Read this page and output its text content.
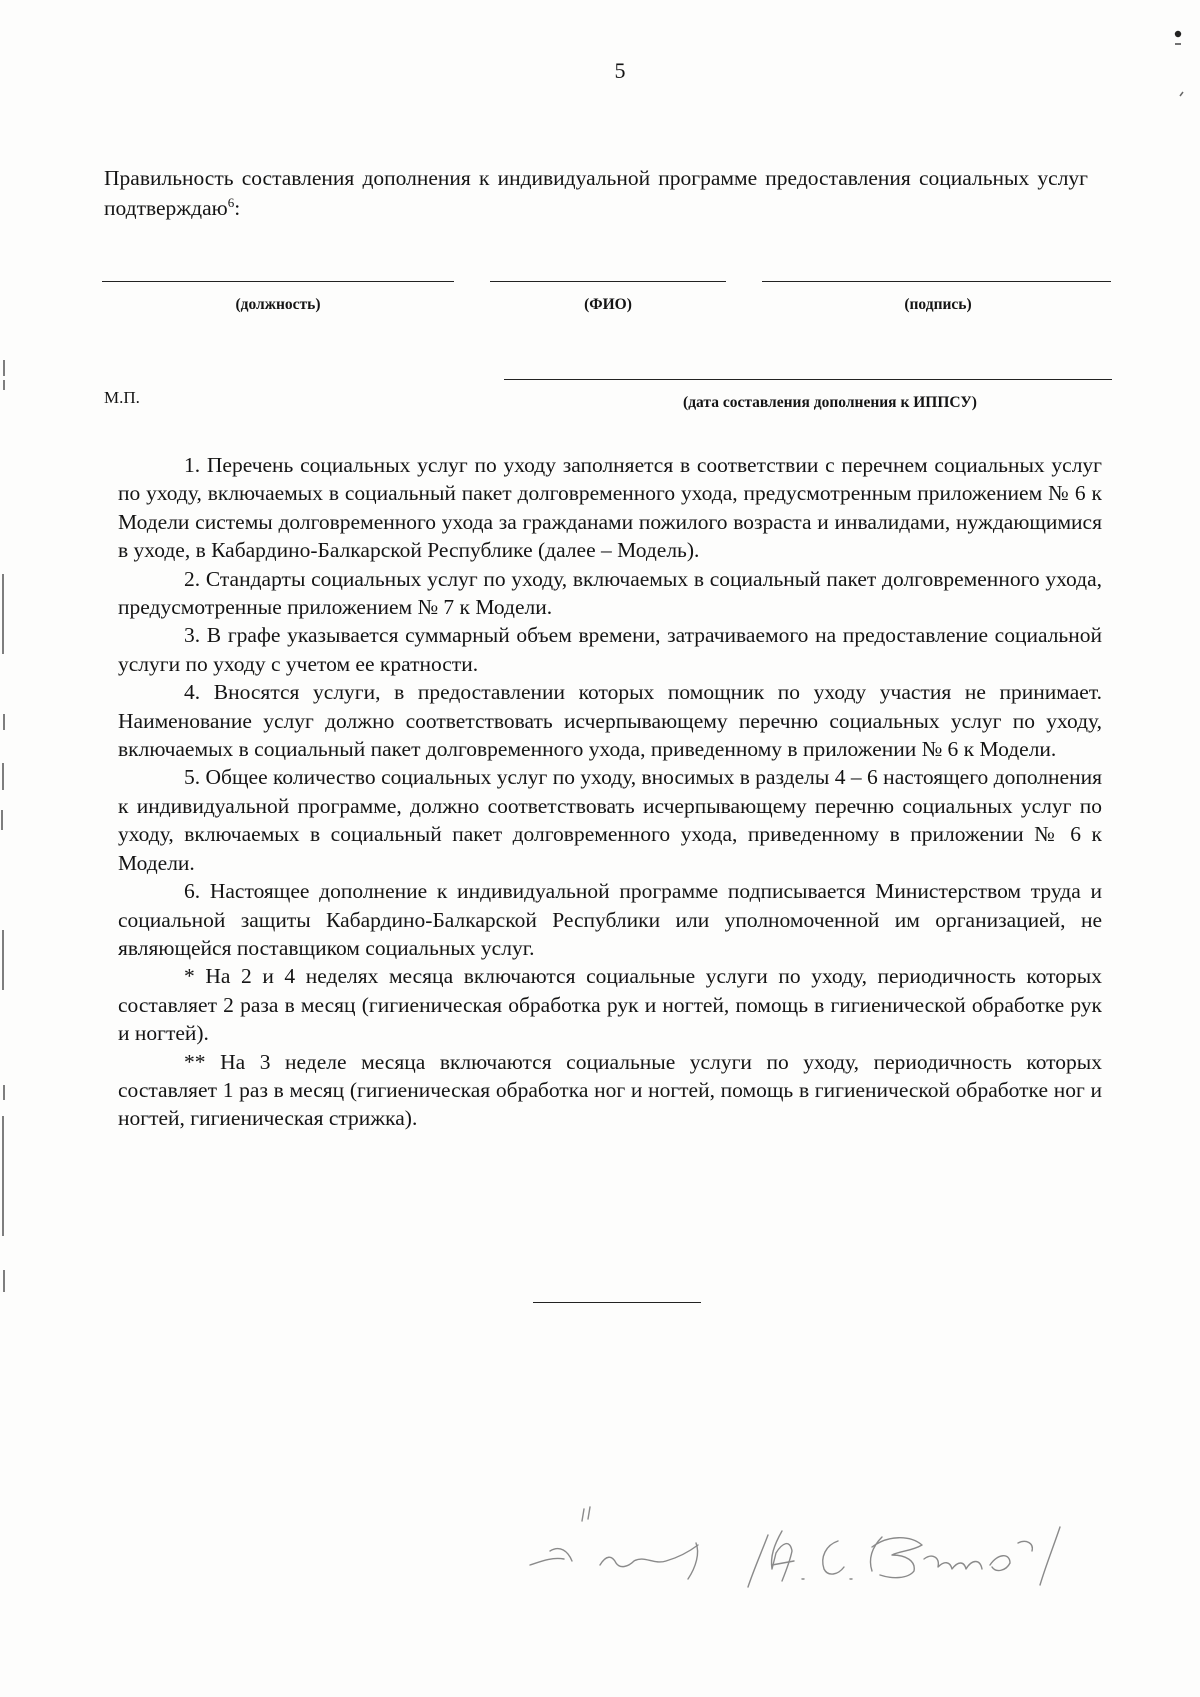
5
Правильность составления дополнения к индивидуальной программе предоставления социальных услуг подтверждаю$^6$:
(должность)	(ФИО)	(подпись)
М.П.	(дата составления дополнения к ИППСУ)

1. Перечень социальных услуг по уходу заполняется в соответствии с перечнем социальных услуг по уходу, включаемых в социальный пакет долговременного ухода, предусмотренным приложением № 6 к Модели системы долговременного ухода за гражданами пожилого возраста и инвалидами, нуждающимися в уходе, в Кабардино-Балкарской Республике (далее – Модель).

2. Стандарты социальных услуг по уходу, включаемых в социальный пакет долговременного ухода, предусмотренные приложением № 7 к Модели.

3. В графе указывается суммарный объем времени, затрачиваемого на предоставление социальной услуги по уходу с учетом ее кратности.

4. Вносятся услуги, в предоставлении которых помощник по уходу участия не принимает. Наименование услуг должно соответствовать исчерпывающему перечню социальных услуг по уходу, включаемых в социальный пакет долговременного ухода, приведенному в приложении № 6 к Модели.

5. Общее количество социальных услуг по уходу, вносимых в разделы 4 – 6 настоящего дополнения к индивидуальной программе, должно соответствовать исчерпывающему перечню социальных услуг по уходу, включаемых в социальный пакет долговременного ухода, приведенному в приложении № 6 к Модели.

6. Настоящее дополнение к индивидуальной программе подписывается Министерством труда и социальной защиты Кабардино-Балкарской Республики или уполномоченной им организацией, не являющейся поставщиком социальных услуг.

* На 2 и 4 неделях месяца включаются социальные услуги по уходу, периодичность которых составляет 2 раза в месяц (гигиеническая обработка рук и ногтей, помощь в гигиенической обработке рук и ногтей).

** На 3 неделе месяца включаются социальные услуги по уходу, периодичность которых составляет 1 раз в месяц (гигиеническая обработка ног и ногтей, помощь в гигиенической обработке ног и ногтей, гигиеническая стрижка).
